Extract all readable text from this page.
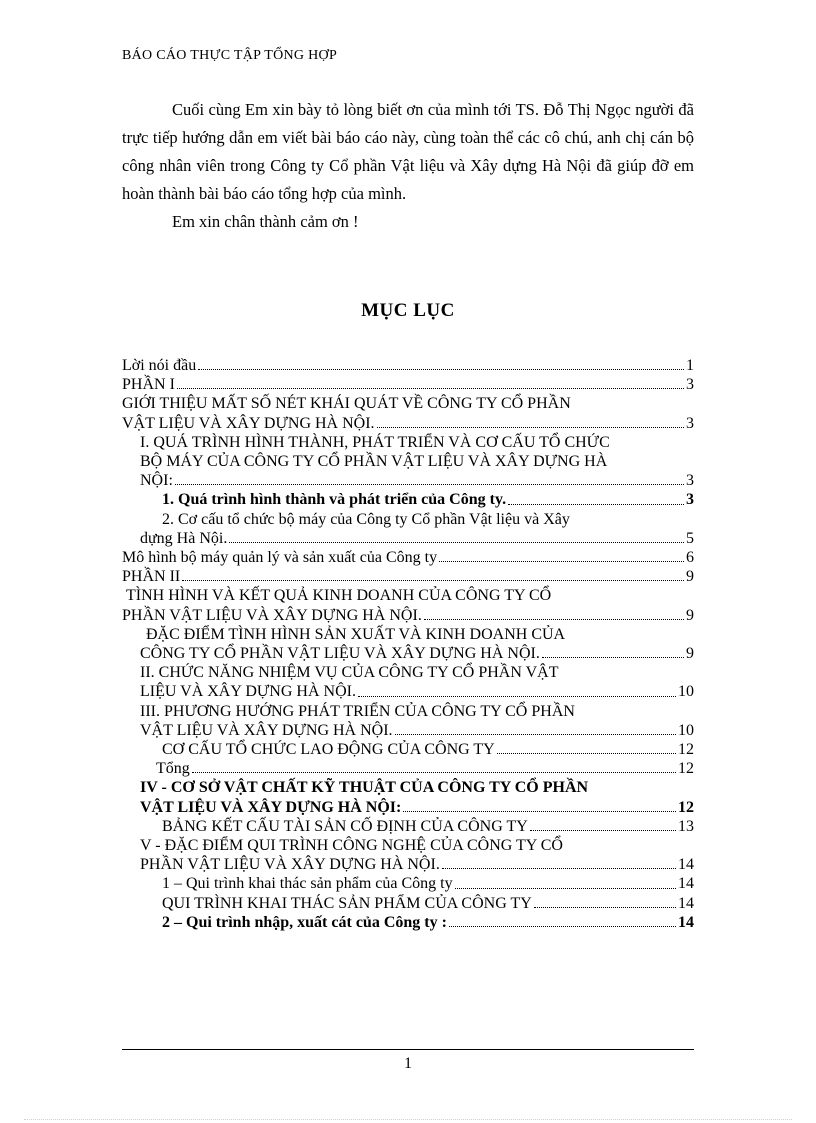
BÁO CÁO THỰC TẬP TỔNG HỢP

Cuối cùng Em xin bày tỏ lòng biết ơn của mình tới TS. Đỗ Thị Ngọc người đã trực tiếp hướng dẫn em viết bài báo cáo này, cùng toàn thể các cô chú, anh chị cán bộ công nhân viên trong Công ty Cổ phần Vật liệu và Xây dựng Hà Nội đã giúp đỡ em hoàn thành bài báo cáo tổng hợp của mình.

Em xin chân thành cảm ơn !

MỤC LỤC
Lời nói đầu	1
PHẦN I	3
GIỚI THIỆU MẤT SỐ NÉT KHÁI QUÁT VỀ CÔNG TY CỔ PHẦN
VẬT LIỆU VÀ XÂY DỰNG HÀ NỘI.	3
I. QUÁ TRÌNH HÌNH THÀNH, PHÁT TRIỂN VÀ CƠ CẤU TỔ CHỨC
BỘ MÁY CỦA CÔNG TY CỔ PHẦN VẬT LIỆU VÀ XÂY DỰNG HÀ
NỘI:	3
1. Quá trình hình thành và phát triển của Công ty.	3
2. Cơ cấu tổ chức bộ máy của Công ty Cổ phần Vật liệu và Xây
dựng Hà Nội.	5
Mô hình bộ máy quản lý và sản xuất của Công ty	6
PHẦN II	9
TÌNH HÌNH VÀ KẾT QUẢ KINH DOANH CỦA CÔNG TY CỔ
PHẦN VẬT LIỆU VÀ XÂY DỰNG HÀ NỘI.	9
ĐẶC ĐIỂM TÌNH HÌNH SẢN XUẤT VÀ KINH DOANH CỦA
CÔNG TY CỔ PHẦN VẬT LIỆU VÀ XÂY DỰNG HÀ NỘI.	9
II. CHỨC NĂNG NHIỆM VỤ CỦA CÔNG TY CỔ PHẦN VẬT
LIỆU VÀ XÂY DỰNG HÀ NỘI.	10
III. PHƯƠNG HƯỚNG PHÁT TRIỂN CỦA CÔNG TY CỔ PHẦN
VẬT LIỆU VÀ XÂY DỰNG HÀ NỘI.	10
CƠ CẤU TỔ CHỨC LAO ĐỘNG CỦA CÔNG TY	12
Tổng	12
IV - CƠ SỞ VẬT CHẤT KỸ THUẬT CỦA CÔNG TY CỔ PHẦN
VẬT LIỆU VÀ XÂY DỰNG HÀ NỘI:	12
BẢNG KẾT CẤU TÀI SẢN CỐ ĐỊNH CỦA CÔNG TY	13
V - ĐẶC ĐIỂM QUI TRÌNH CÔNG NGHỆ CỦA CÔNG TY CỔ
PHẦN VẬT LIỆU VÀ XÂY DỰNG HÀ NỘI.	14
1 – Qui trình khai thác sản phẩm của Công ty	14
QUI TRÌNH KHAI THÁC SẢN PHẨM CỦA CÔNG TY	14
2 – Qui trình nhập, xuất cát của Công ty :	14
1
